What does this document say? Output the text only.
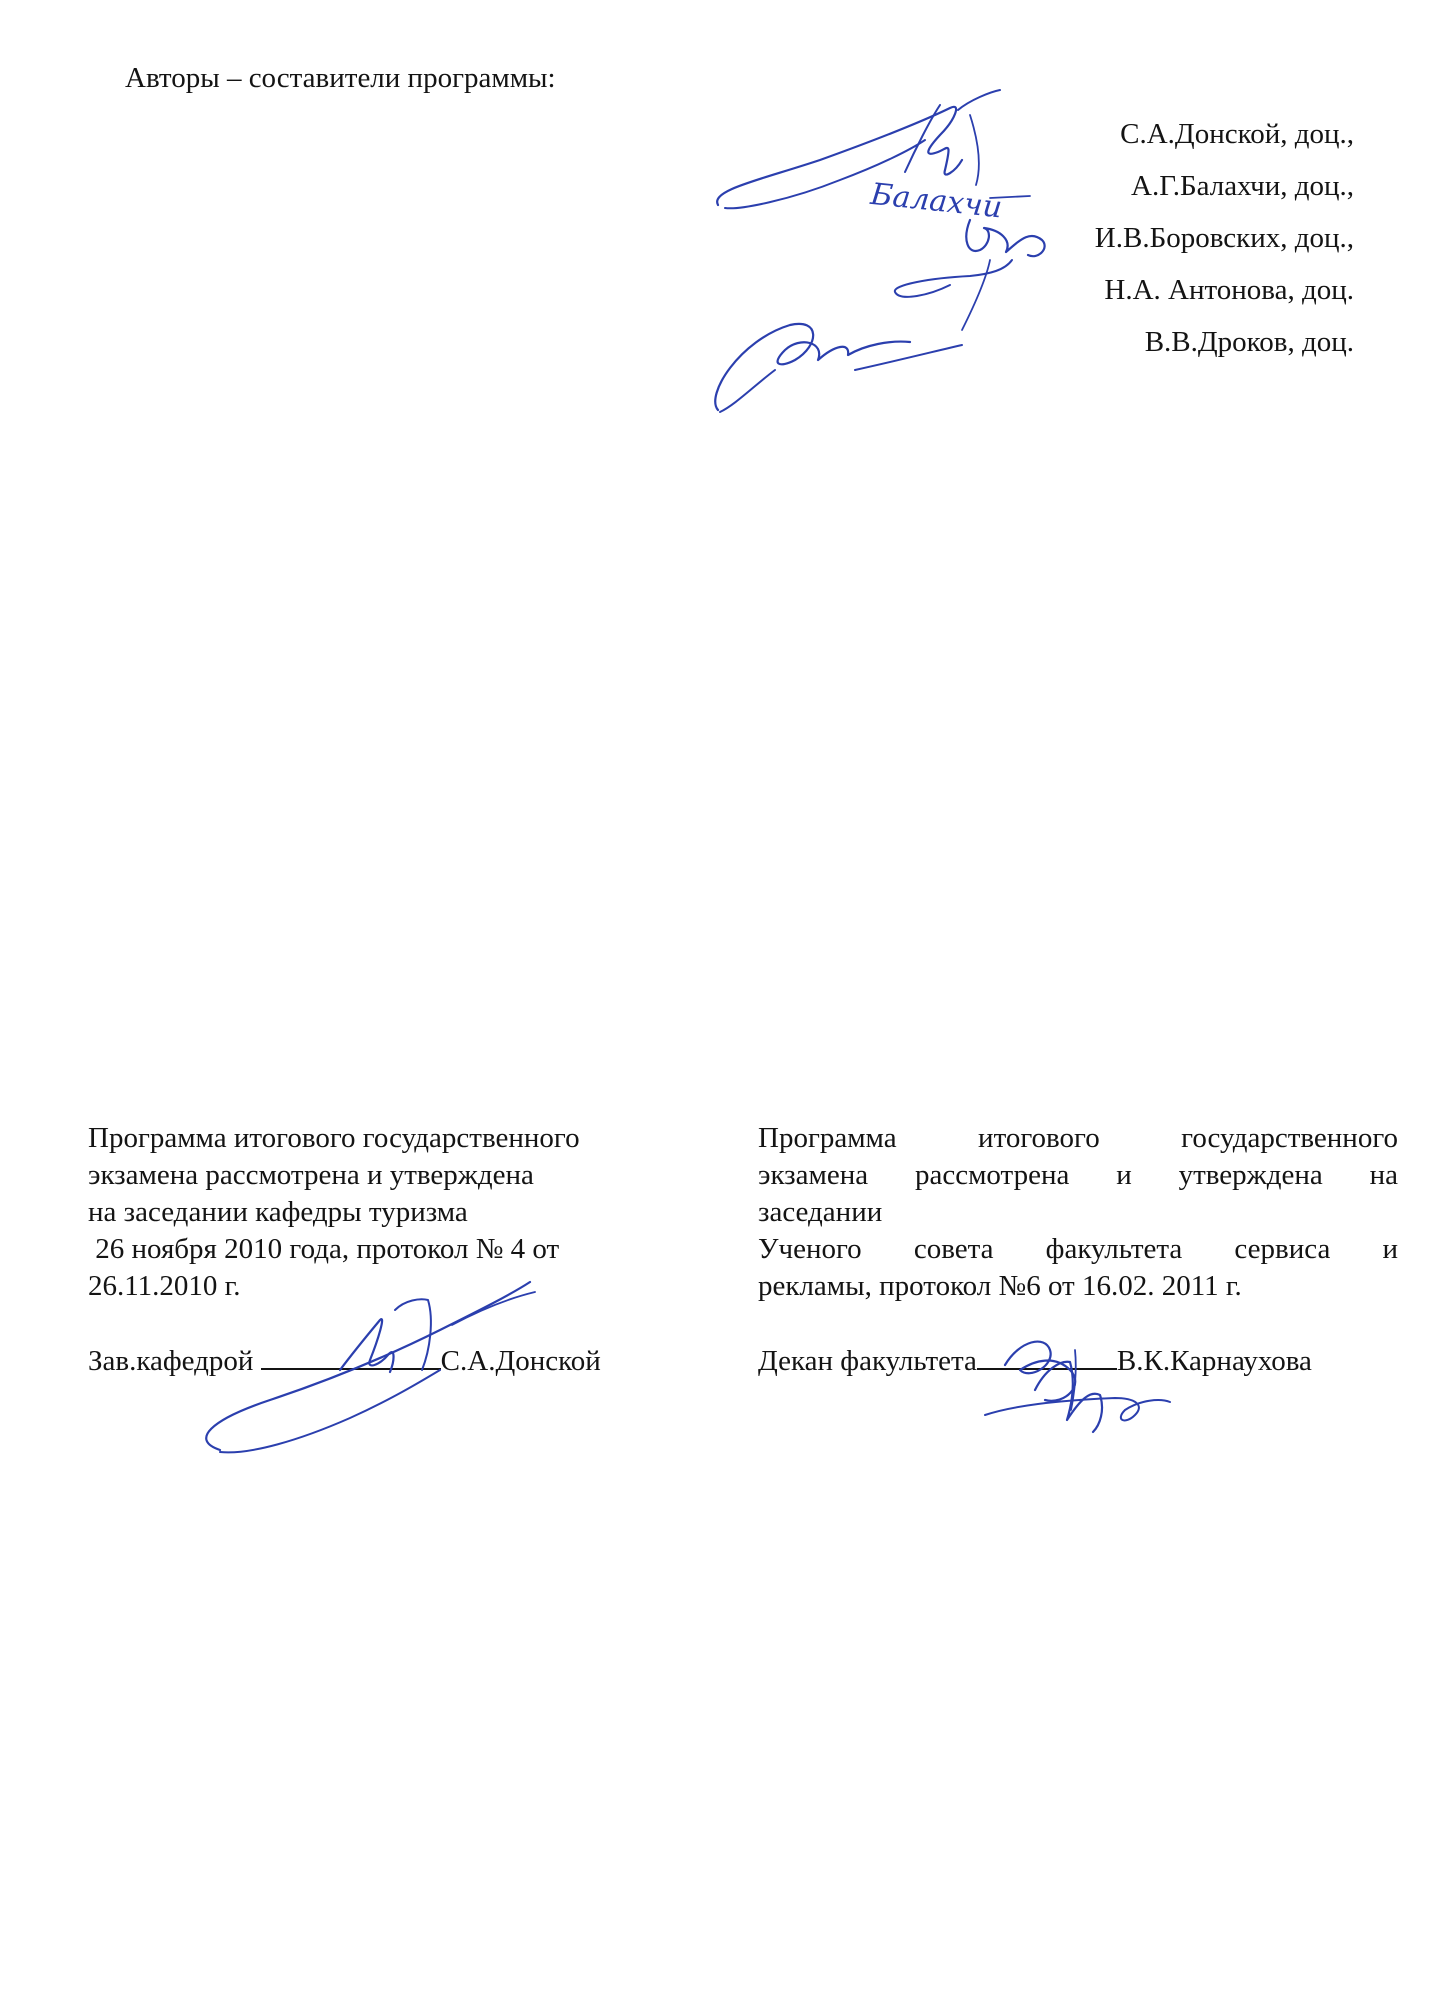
Авторы – составители программы:
С.А.Донской, доц.,
А.Г.Балахчи, доц.,
И.В.Боровских, доц.,
Н.А. Антонова, доц.
В.В.Дроков, доц.
Балахчи

Программа итогового государственного

экзамена рассмотрена и утверждена

на заседании кафедры туризма

26 ноября 2010 года, протокол № 4 от

26.11.2010 г.

Зав.кафедрой	С.А.Донской

Программа итогового государственного

экзамена рассмотрена и утверждена на

заседании

Ученого совета факультета сервиса и

рекламы, протокол №6 от 16.02. 2011 г.

Декан факультета	В.К.Карнаухова
